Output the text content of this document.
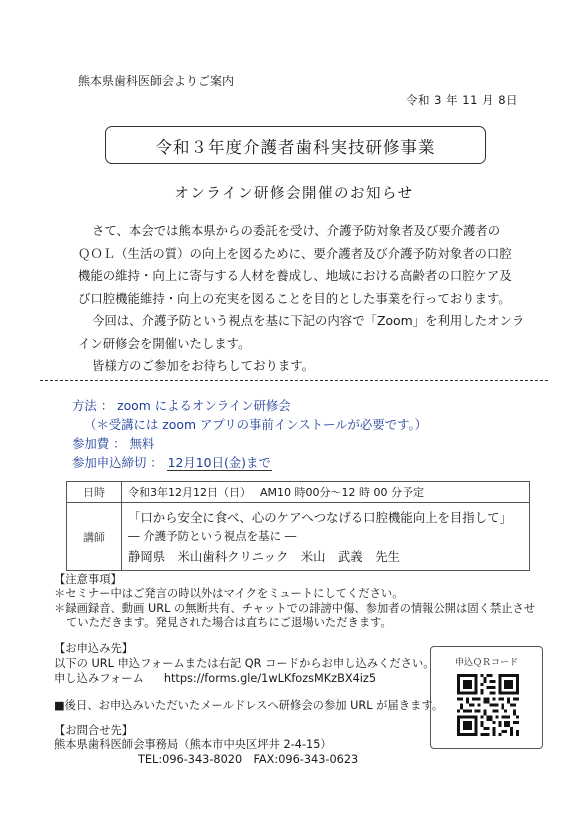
熊本県歯科医師会よりご案内
令和 3 年 11 月 8日
令和３年度介護者歯科実技研修事業
オンライン研修会開催のお知らせ

さて、本会では熊本県からの委託を受け、介護予防対象者及び要介護者の

ＱＯＬ（生活の質）の向上を図るために、要介護者及び介護予防対象者の口腔

機能の維持・向上に寄与する人材を養成し、地域における高齢者の口腔ケア及

び口腔機能維持・向上の充実を図ることを目的とした事業を行っております。

今回は、介護予防という視点を基に下記の内容で「Zoom」を利用したオンラ

イン研修会を開催いたします。

皆様方のご参加をお待ちしております。

方法 ： zoom によるオンライン研修会
（＊受講には zoom アプリの事前インストールが必要です。）
参加費 ： 無料
参加申込締切 ： 12月10日(金)まで
日時	令和3年12月12日（日）　 AM10 時00分～12 時 00 分予定
講師	「口から安全に食べ、心のケアへつなげる口腔機能向上を目指して」
― 介護予防という視点を基に ―
静岡県　米山歯科クリニック　米山　武義　先生
【注意事項】
＊セミナー中はご発言の時以外はマイクをミュートにしてください。
＊録画録音、動画 URL の無断共有、チャットでの誹謗中傷、参加者の情報公開は固く禁止させ
ていただきます。発見された場合は直ちにご退場いただきます。
【お申込み先】
以下の URL 申込フォームまたは右記 QR コードからお申し込みください。
申し込みフォーム https://forms.gle/1wLKfozsMKzBX4iz5
■後日、お申込みいただいたメールドレスへ研修会の参加 URL が届きます。
【お問合せ先】
熊本県歯科医師会事務局（熊本市中央区坪井 2-4-15）
TEL:096-343-8020　FAX:096-343-0623
申込ＱＲコード
